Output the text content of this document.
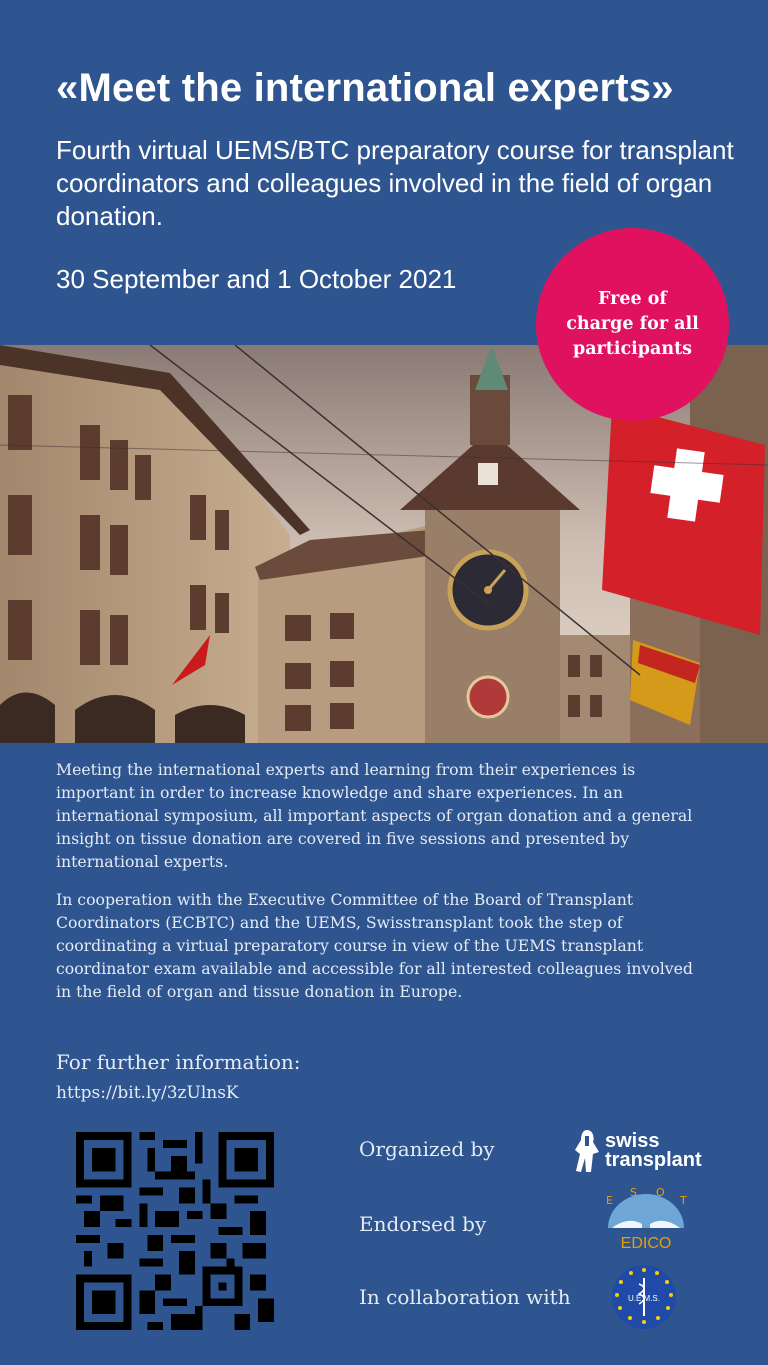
«Meet the international experts»
Fourth virtual UEMS/BTC preparatory course for transplant coordinators and colleagues involved in the field of organ donation.
30 September and 1 October 2021
Free of charge for all participants
Meeting the international experts and learning from their experiences is important in order to increase knowledge and share experiences. In an international symposium, all important aspects of organ donation and a general insight on tissue donation are covered in five sessions and presented by international experts.
In cooperation with the Executive Committee of the Board of Transplant Coordinators (ECBTC) and the UEMS, Swisstransplant took the step of coordinating a virtual preparatory course in view of the UEMS transplant coordinator exam available and accessible for all interested colleagues involved in the field of organ and tissue donation in Europe.
For further information:
https://bit.ly/3zUlnsK
Organized by
Endorsed by
In collaboration with
swiss
transplant
E
S O
T
EDICO
U.E.M.S.
